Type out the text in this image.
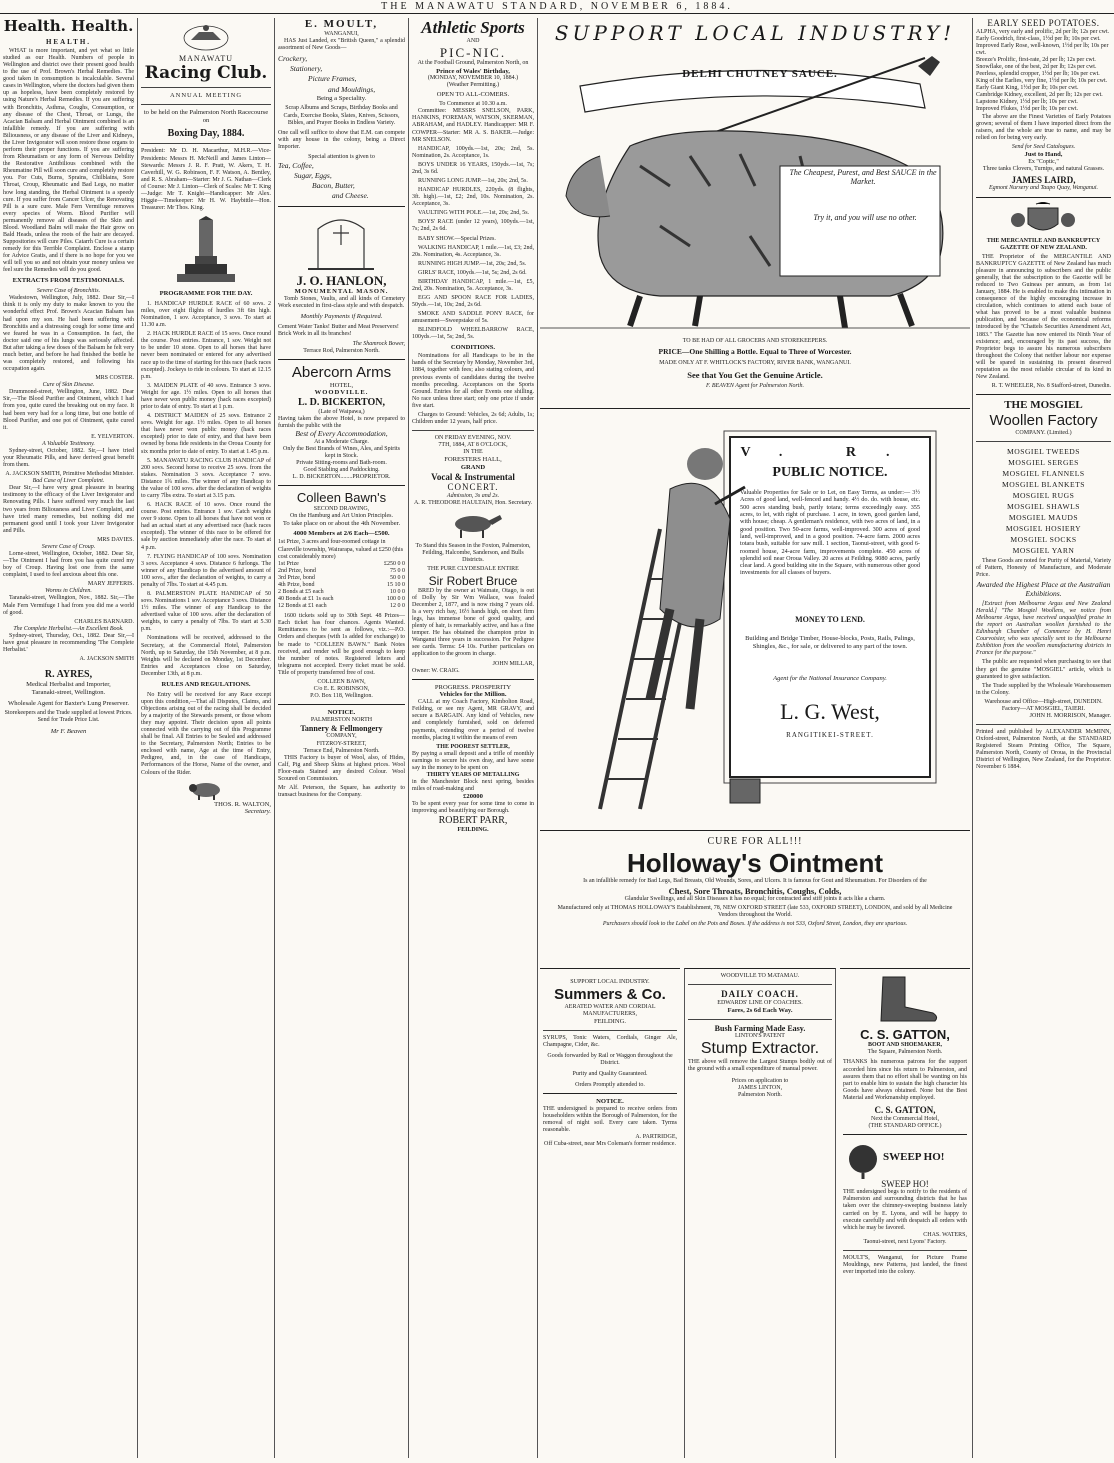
THE MANAWATU STANDARD, NOVEMBER 6, 1884.
Health. Health.
HEALTH.
WHAT is more important, and yet what so little studied as our Health. Numbers of people in Wellington and district owe their present good health to the use of Prof. Brown's Herbal Remedies. The good taken in consumption is incalculable. Several cases in Wellington, where the doctors had given them up as hopeless, have been completely restored by using Nature's Herbal Remedies. If you are suffering with Bronchitis, Asthma, Coughs, Consumption, or any disease of the Chest, Throat, or Lungs, the Acacian Balsam and Herbal Ointment combined is an infallible remedy. If you are suffering with Biliousness, or any disease of the Liver and Kidneys, the Liver Invigorator will soon restore those organs to perform their proper functions. If you are suffering from Rheumatism or any form of Nervous Debility the Restorative Antibilious combined with the Rheumatine Pill will soon cure and completely restore you. For Cuts, Burns, Sprains, Chilblains, Sore Throat, Croup, Rheumatic and Bad Legs, no matter how long standing, the Herbal Ointment is a speedy cure. If you suffer from Cancer Ulcer, the Renovating Pill is a sure cure. Male Fern Vermifuge removes every species of Worm. Blood Purifier will permanently remove all diseases of the Skin and Blood. Woodland Balm will make the Hair grow on Bald Heads, unless the roots of the hair are decayed. Suppositories will cure Piles. Catarrh Cure is a certain remedy for this Terrible Complaint. Enclose a stamp for Advice Gratis, and if there is no hope for you we will tell you so and not obtain your money unless we feel sure the Remedies will do you good.
EXTRACTS FROM TESTIMONIALS.
Severe Case of Bronchitis.
Wadestown, Wellington, July, 1882. Dear Sir,—I think it is only my duty to make known to you the wonderful effect Prof. Brown's Acacian Balsam has had upon my son. He had been suffering with Bronchitis and a distressing cough for some time and we feared he was in a Consumption. In fact, the doctor said one of his lungs was seriously affected. But after taking a few doses of the Balsam he felt very much better, and before he had finished the bottle he was completely restored, and following his occupation again.
MRS COSTER.
Cure of Skin Disease.
Drummond-street, Wellington, June, 1882. Dear Sir,—The Blood Purifier and Ointment, which I had from you, quite cured the breaking out on my face. It had been very bad for a long time, but one bottle of Blood Purifier, and one pot of Ointment, quite cured it.
E. YELVERTON.
A Valuable Testimony.
Sydney-street, October, 1882. Sir,—I have tried your Rheumatic Pills, and have derived great benefit from them.
A. JACKSON SMITH, Primitive Methodist Minister.
Bad Case of Liver Complaint.
Dear Sir,—I have very great pleasure in bearing testimony to the efficacy of the Liver Invigorator and Renovating Pills. I have suffered very much the last two years from Biliousness and Liver Complaint, and have tried many remedies, but nothing did me permanent good until I took your Liver Invigorator and Pills.
MRS DAVIES.
Severe Case of Croup.
Lorne-street, Wellington, October, 1882. Dear Sir,—The Ointment I had from you has quite cured my boy of Croup. Having lost one from the same complaint, I used to feel anxious about this one.
MARY JEFFERIS.
Worms in Children.
Taranaki-street, Wellington, Nov., 1882. Sir,—The Male Fern Vermifuge I had from you did me a world of good.
CHARLES BARNARD.
The Complete Herbalist.—An Excellent Book.
Sydney-street, Thursday, Oct., 1882. Dear Sir,—I have great pleasure in recommending 'The Complete Herbalist.'
A. JACKSON SMITH
R. AYRES,
Medical Herbalist and Importer,
Taranaki-street, Wellington.
Wholesale Agent for Baxter's Lung Preserver.
Storekeepers and the Trade supplied at lowest Prices. Send for Trade Price List.
Mr F. Beaven
MANAWATU
Racing Club.
ANNUAL MEETING
to be held on the Palmerston North Racecourse on
Boxing Day, 1884.
President: Mr D. H. Macarthur, M.H.R.—Vice-Presidents: Messrs H. McNeill and James Linton—Stewards: Messrs J. R. F. Pratt, W. Akers, T. H. Caverhill, W. G. Robinson, F. F. Watson, A. Bentley, and R. S. Abraham—Starter: Mr J. G. Nathan—Clerk of Course: Mr J. Linton—Clerk of Scales: Mr T. King—Judge: Mr T. Knight—Handicapper: Mr Alex. Higgie—Timekeeper: Mr H. W. Haybittle—Hon. Treasurer: Mr Thos. King.
PROGRAMME FOR THE DAY.
1. HANDICAP HURDLE RACE of 60 sovs. 2 miles, over eight flights of hurdles 3ft 6in high. Nomination, 1 sov. Acceptance, 3 sovs. To start at 11.30 a.m.
2. HACK HURDLE RACE of 15 sovs. Once round the course. Post entries. Entrance, 1 sov. Weight not to be under 10 stone. Open to all horses that have never been nominated or entered for any advertised race up to the time of starting for this race (hack races excepted). Jockeys to ride in colours. To start at 12.15 p.m.
3. MAIDEN PLATE of 40 sovs. Entrance 3 sovs. Weight for age. 1½ miles. Open to all horses that have never won public money (hack races excepted) prior to date of entry. To start at 1 p.m.
4. DISTRICT MAIDEN of 25 sovs. Entrance 2 sovs. Weight for age. 1½ miles. Open to all horses that have never won public money (hack races excepted) prior to date of entry, and that have been owned by bona fide residents in the Oroua County for six months prior to date of entry. To start at 1.45 p.m.
5. MANAWATU RACING CLUB HANDICAP of 200 sovs. Second horse to receive 25 sovs. from the stakes. Nomination 3 sovs. Acceptance 7 sovs. Distance 1¾ miles. The winner of any Handicap to the value of 100 sovs. after the declaration of weights to carry 7lbs extra. To start at 3.15 p.m.
6. HACK RACE of 10 sovs. Once round the course. Post entries. Entrance 1 sov. Catch weights over 9 stone. Open to all horses that have not won or had an actual start at any advertised race (hack races excepted). The winner of this race to be offered for sale by auction immediately after the race. To start at 4 p.m.
7. FLYING HANDICAP of 100 sovs. Nomination 3 sovs. Acceptance 4 sovs. Distance 6 furlongs. The winner of any Handicap to the advertised amount of 100 sovs., after the declaration of weights, to carry a penalty of 7lbs. To start at 4.45 p.m.
8. PALMERSTON PLATE HANDICAP of 50 sovs. Nominations 1 sov. Acceptance 3 sovs. Distance 1½ miles. The winner of any Handicap to the advertised value of 100 sovs. after the declaration of weights, to carry a penalty of 7lbs. To start at 5.30 p.m.
Nominations will be received, addressed to the Secretary, at the Commercial Hotel, Palmerston North, up to Saturday, the 15th November, at 8 p.m. Weights will be declared on Monday, 1st December. Entries and Acceptances close on Saturday, December 13th, at 8 p.m.
RULES AND REGULATIONS.
No Entry will be received for any Race except upon this condition,—That all Disputes, Claims, and Objections arising out of the racing shall be decided by a majority of the Stewards present, or those whom they may appoint. Their decision upon all points connected with the carrying out of this Programme shall be final. All Entries to be Sealed and addressed to the Secretary, Palmerston North; Entries to be enclosed with name, Age at the time of Entry, Pedigree, and, in the case of Handicaps, Performances of the Horse, Name of the owner, and Colours of the Rider.
THOS. R. WALTON,
Secretary.
E. MOULT,
WANGANUI,
HAS Just Landed, ex "British Queen," a splendid assortment of New Goods—
Crockery,
Stationery,
Picture Frames,
and Mouldings,
Being a Speciality.
Scrap Albums and Scraps, Birthday Books and Cards, Exercise Books, Slates, Knives, Scissors, Bibles, and Prayer Books in Endless Variety.
One call will suffice to show that E.M. can compete with any house in the colony, being a Direct Importer.
Special attention is given to
Tea, Coffee,
Sugar, Eggs,
Bacon, Butter,
and Cheese.
J. O. HANLON,
MONUMENTAL MASON.
Tomb Stones, Vaults, and all kinds of Cemetery Work executed in first-class style and with despatch.
Monthly Payments if Required.
Cement Water Tanks! Butter and Meat Preservers! Brick Work in all its branches!
The Shamrock Bower,
Terrace Rod, Palmerston North.
Abercorn Arms
HOTEL,
WOODVILLE.
L. D. BICKERTON,
(Late of Waipawa,)
Having taken the above Hotel, is now prepared to furnish the public with the
Best of Every Accommodation,
At a Moderate Charge.
Only the Best Brands of Wines, Ales, and Spirits kept in Stock.
Private Sitting-rooms and Bath-room.
Good Stabling and Paddocking.
L. D. BICKERTON........PROPRIETOR.
Colleen Bawn's
SECOND DRAWING,
On the Hamburg and Art Union Principles.
To take place on or about the 4th November.
4000 Members at 2/6 Each—£500.
1st Prize, 3 acres and four-roomed cottage in Clareville township, Wairarapa, valued at £250 (this cost considerably more)
1st Prize	£250 0 0
2nd Prize, bond	75 0 0
3rd Prize, bond	50 0 0
4th Prize, bond	15 10 0
2 Bonds at £5 each	10 0 0
40 Bonds at £1 1s each	100 0 0
12 Bonds at £1 each	12 0 0
1600 tickets sold up to 30th Sept. 48 Prizes—Each ticket has four chances. Agents Wanted. Remittances to be sent as follows, viz.:—P.O. Orders and cheques (with 1s added for exchange) to be made to "COLLEEN BAWN." Bank Notes received, and render will be good enough to keep the number of notes. Registered letters and telegrams not accepted. Every ticket must be sold. Title of property transferred free of cost.
COLLEEN BAWN,
C/o E. E. ROBINSON,
P.O. Box 118, Wellington.
NOTICE.
PALMERSTON NORTH
Tannery & Fellmongery
COMPANY,
FITZROY-STREET,
Terrace End, Palmerston North.
THIS Factory is buyer of Wool, also, of Hides, Calf, Pig and Sheep Skins at highest prices. Wool Floor-mats Stained any desired Colour. Wool Scoured on Commission.
Mr Alf. Peterson, the Square, has authority to transact business for the Company.
Athletic Sports
AND
PIC-NIC.
At the Football Ground, Palmerston North, on
Prince of Wales' Birthday,
(MONDAY, NOVEMBER 10, 1884.)
(Weather Permitting.)
OPEN TO ALL-COMERS.
To Commence at 10.30 a.m.
Committee: MESSRS SNELSON, PARK, HANKINS, FOREMAN, WATSON, SKERMAN, ABRAHAM, and HADLEY. Handicapper: MR F. COWPER—Starter: MR A. S. BAKER.—Judge: MR SNELSON.
HANDICAP, 100yds.—1st, 20s; 2nd, 5s. Nomination, 2s. Acceptance, 1s.
BOYS UNDER 16 YEARS, 150yds.—1st, 7s; 2nd, 3s 6d.
RUNNING LONG JUMP.—1st, 20s; 2nd, 5s.
HANDICAP HURDLES, 220yds. (8 flights, 3ft. high).—1st, £2; 2nd, 10s. Nomination, 2s. Acceptance, 3s.
VAULTING WITH POLE.—1st, 20s; 2nd, 5s.
BOYS' RACE (under 12 years), 100yds.—1st, 7s; 2nd, 2s 6d.
BABY SHOW.—Special Prizes.
WALKING HANDICAP, 1 mile.—1st, £3; 2nd, 20s. Nomination, 4s. Acceptance, 3s.
RUNNING HIGH JUMP.—1st, 20s; 2nd, 5s.
GIRLS' RACE, 100yds.—1st, 5s; 2nd, 2s 6d.
BIRTHDAY HANDICAP, 1 mile.—1st, £5, 2nd, 20s. Nomination, 5s. Acceptance, 3s.
EGG AND SPOON RACE FOR LADIES, 50yds.—1st, 10s; 2nd, 2s 6d.
SMOKE AND SADDLE PONY RACE, for amusement—Sweepstake of 5s.
BLINDFOLD WHEELBARROW RACE, 100yds.—1st, 5s; 2nd, 5s.
CONDITIONS.
Nominations for all Handicaps to be in the hands of the Secretary by Monday, November 3rd, 1884, together with fees; also stating colours, and previous events of candidates during the twelve months preceding. Acceptances on the Sports Ground. Entries for all other Events one shilling. No race unless three start; only one prize if under five start.
Charges to Ground: Vehicles, 2s 6d; Adults, 1s; Children under 12 years, half price.
ON FRIDAY EVENING, NOV.
7TH, 1884, AT 8 O'CLOCK,
IN THE
FORESTERS HALL,
GRAND
Vocal & Instrumental
CONCERT.
Admission, 3s and 2s.
A. R. THEODORE HAULTAIN, Hon. Secretary.
To Stand this Season in the Foxton, Palmerston, Feilding, Halcombe, Sanderson, and Bulls Districts.
THE PURE CLYDESDALE ENTIRE
Sir Robert Bruce
BRED by the owner at Waimate, Otago, is out of Dolly by Sir Wm Wallace, was foaled December 2, 1877, and is now rising 7 years old. Is a very rich bay, 16½ hands high, on short firm legs, has immense bone of good quality, and plenty of hair, is remarkably active, and has a fine temper. He has obtained the champion prize in Wanganui three years in succession. For Pedigree see cards. Terms: £4 10s. Further particulars on application to the groom in charge.
JOHN MILLAR,
Owner: W. CRAIG.
PROGRESS. PROSPERITY
Vehicles for the Million.
CALL at my Coach Factory, Kimbolton Road, Feilding, or see my Agent, MR GRAVY, and secure a BARGAIN. Any kind of Vehicles, new and completely furnished, sold on deferred payments, extending over a period of twelve months, placing it within the means of even
THE POOREST SETTLER,
By paying a small deposit and a trifle of monthly earnings to secure his own dray, and have some say in the money to be spent on
THIRTY YEARS OF METALLING
in the Manchester Block next spring, besides miles of road-making and
£20000
To be spent every year for some time to come in improving and beautifying our Borough.
ROBERT PARR,
FEILDING.
SUPPORT LOCAL INDUSTRY!
DELHI CHUTNEY SAUCE.
The Cheapest, Purest, and Best SAUCE in the Market.
Try it, and you will use no other.
TO BE HAD OF ALL GROCERS AND STOREKEEPERS.
PRICE—One Shilling a Bottle. Equal to Three of Worcester.
MADE ONLY AT F. WHITLOCK'S FACTORY, RIVER BANK, WANGANUI.
See that You Get the Genuine Article.
F. BEAVEN Agent for Palmerston North.
V. R.
PUBLIC NOTICE.
Valuable Properties for Sale or to Let, on Easy Terms, as under:— 3½ Acres of good land, well-fenced and handy. 4½ do. do. with house, etc. 500 acres standing bush, partly totara; terms exceedingly easy. 355 acres, to let, with right of purchase. 1 acre, in town, good garden land, with house; cheap. A gentleman's residence, with two acres of land, in a good position. Two 50-acre farms, well-improved. 300 acres of good land, well-improved, and in a good position. 74-acre farm. 2000 acres totara bush, suitable for saw mill. 1 section, Taonui-street, with good 6-roomed house, 24-acre farm, improvements complete. 450 acres of splendid soil near Oroua Valley. 20 acres at Feilding. 9080 acres, partly clear land. A good building site in the Square, with numerous other good investments for all classes of buyers.
MONEY TO LEND.
Building and Bridge Timber, House-blocks, Posts, Rails, Palings, Shingles, &c., for sale, or delivered to any part of the town.
Agent for the National Insurance Company.
L. G. West,
RANGITIKEI-STREET.
CURE FOR ALL!!!
Holloway's Ointment
Is an infallible remedy for Bad Legs, Bad Breasts, Old Wounds, Sores, and Ulcers. It is famous for Gout and Rheumatism. For Disorders of the
Chest, Sore Throats, Bronchitis, Coughs, Colds,
Glandular Swellings, and all Skin Diseases it has no equal; for contracted and stiff joints it acts like a charm.
Manufactured only at THOMAS HOLLOWAY'S Establishment, 78, NEW OXFORD STREET (late 533, OXFORD STREET), LONDON, and sold by all Medicine Vendors throughout the World.
Purchasers should look to the Label on the Pots and Boxes. If the address is not 533, Oxford Street, London, they are spurious.
SUPPORT LOCAL INDUSTRY.
Summers & Co.
AERATED WATER AND CORDIAL MANUFACTURERS,
FEILDING.
SYRUPS, Tonic Waters, Cordials, Ginger Ale, Champagne, Cider, &c.
Goods forwarded by Rail or Waggon throughout the District.
Purity and Quality Guaranteed.
Orders Promptly attended to.
NOTICE.
THE undersigned is prepared to receive orders from householders within the Borough of Palmerston, for the removal of night soil. Every care taken. Tyrms reasonable.
A. PARTRIDGE,
Off Cuba-street, near Mrs Coleman's former residence.
WOODVILLE TO MATAMAU.
DAILY COACH.
EDWARDS' LINE OF COACHES.
Fares, 2s 6d Each Way.
Bush Farming Made Easy.
LINTON'S PATENT
Stump Extractor.
THE above will remove the Largest Stumps bodily out of the ground with a small expenditure of manual power.
Prices on application to
JAMES LINTON,
Palmerston North.
C. S. GATTON,
BOOT AND SHOEMAKER,
The Square, Palmerston North.
THANKS his numerous patrons for the support accorded him since his return to Palmerston, and assures them that no effort shall be wanting on his part to enable him to sustain the high character his Goods have always obtained. None but the Best Material and Workmanship employed.
C. S. GATTON,
Next the Commercial Hotel,
(THE STANDARD OFFICE.)
SWEEP HO!
SWEEP HO!
THE undersigned begs to notify to the residents of Palmerston and surrounding districts that he has taken over the chimney-sweeping business lately carried on by E. Lyons, and will be happy to execute carefully and with despatch all orders with which he may be favored.
CHAS. WATERS,
Taonui-street, next Lyons' Factory.
MOULT'S, Wanganui, for Picture Frame Mouldings, new Patterns, just landed, the finest ever imported into the colony.
EARLY SEED POTATOES.
ALPHA, very early and prolific, 2d per lb; 12s per cwt.
Early Goodrich, first-class, 1½d per lb; 10s per cwt.
Improved Early Rose, well-known, 1½d per lb; 10s per cwt.
Breeze's Prolific, first-rate, 2d per lb; 12s per cwt.
Snowflake, one of the best, 2d per lb; 12s per cwt.
Peerless, splendid cropper, 1½d per lb; 10s per cwt.
King of the Earlies, very fine, 1½d per lb; 10s per cwt.
Early Giant King, 1½d per lb; 10s per cwt.
Cambridge Kidney, excellent, 2d per lb; 12s per cwt.
Lapstone Kidney, 1½d per lb; 10s per cwt.
Improved Flukes, 1½d per lb; 10s per cwt.
The above are the Finest Varieties of Early Potatoes grown; several of them I have imported direct from the raisers, and the whole are true to name, and may be relied on for being very early.
Send for Seed Catalogues.
Just to Hand,
Ex "Coptic,"
Three tanks Clovers, Turnips, and natural Grasses.
JAMES LAIRD,
Egmont Nursery and Taupo Quay, Wanganui.
THE MERCANTILE AND BANKRUPTCY GAZETTE OF NEW ZEALAND.
THE Proprietor of the MERCANTILE AND BANKRUPTCY GAZETTE of New Zealand has much pleasure in announcing to subscribers and the public generally, that the subscription to the Gazette will be reduced to Two Guineas per annum, as from 1st January, 1884. He is enabled to make this intimation in consequence of the highly encouraging increase in circulation, which continues to attend each issue of what has proved to be a most valuable business publication, and because of the economical reforms introduced by the "Chattels Securities Amendment Act, 1883." The Gazette has now entered its Ninth Year of existence; and, encouraged by its past success, the Proprietor begs to assure his numerous subscribers throughout the Colony that neither labour nor expense will be spared in sustaining its present deserved reputation as the most reliable circular of its kind in New Zealand.
R. T. WHEELER, No. 8 Stafford-street, Dunedin.
THE MOSGIEL
Woollen Factory
COMPANY. (Limited.)
MOSGIEL TWEEDS
MOSGIEL SERGES
MOSGIEL FLANNELS
MOSGIEL BLANKETS
MOSGIEL RUGS
MOSGIEL SHAWLS
MOSGIEL MAUDS
MOSGIEL HOSIERY
MOSGIEL SOCKS
MOSGIEL YARN
These Goods are noted for Purity of Material, Variety of Pattern, Honesty of Manufacture, and Moderate Price.
Awarded the Highest Place at the Australian Exhibitions.
[Extract from Melbourne Argus and New Zealand Herald.] "The Mosgiel Woollens, we notice from Melbourne Argus, have received unqualified praise in the report on Australian woollen furnished to the Edinburgh Chamber of Commerce by H. Henri Courvoisier, who was specially sent to the Melbourne Exhibition from the woollen manufacturing districts in France for the purpose."
The public are requested when purchasing to see that they get the genuine "MOSGIEL" article, which is guaranteed to give satisfaction.
The Trade supplied by the Wholesale Warehousemen in the Colony.
Warehouse and Office—High-street, DUNEDIN.
Factory—AT MOSGIEL, TAIERI.
JOHN H. MORRISON, Manager.
Printed and published by ALEXANDER McMINN, Oxford-street, Palmerston North, at the STANDARD Registered Steam Printing Office, The Square, Palmerston North, County of Oroua, in the Provincial District of Wellington, New Zealand, for the Proprietor. November 6 1884.
